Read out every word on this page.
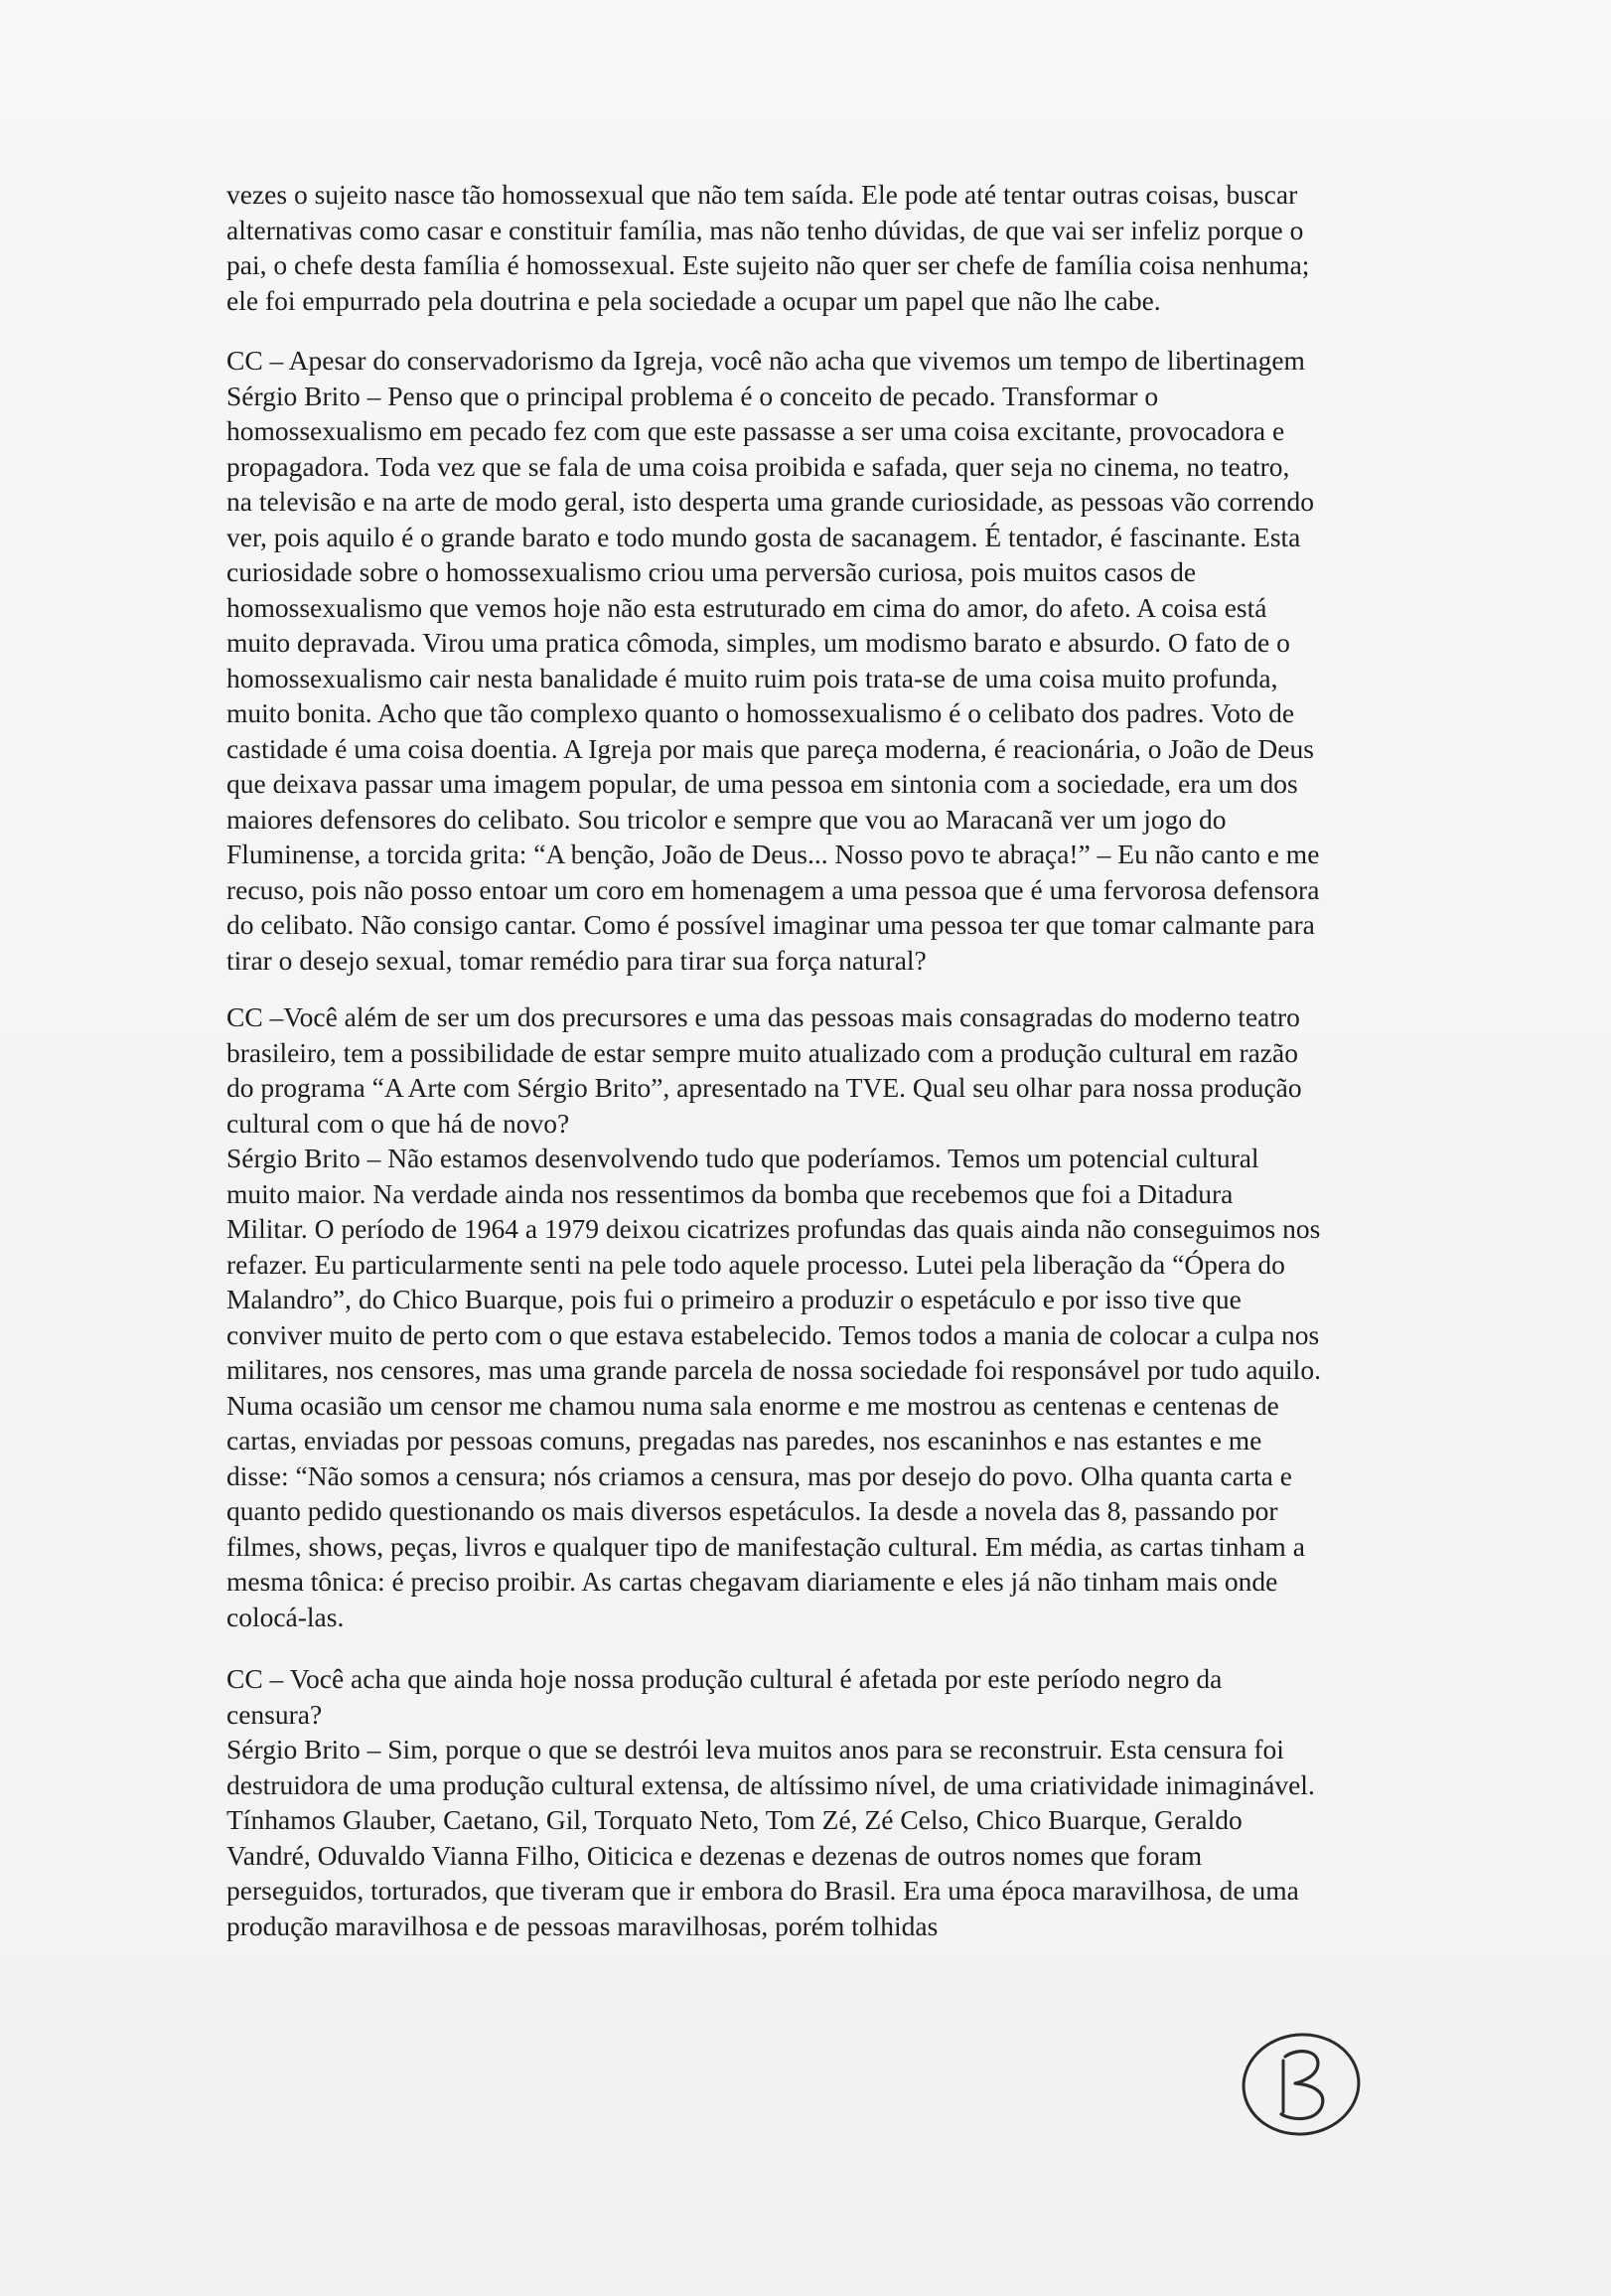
vezes o sujeito nasce tão homossexual que não tem saída. Ele pode até tentar outras coisas, buscar
alternativas como casar e constituir família, mas não tenho dúvidas, de que vai ser infeliz porque o
pai, o chefe desta família é homossexual. Este sujeito não quer ser chefe de família coisa nenhuma;
ele foi empurrado pela doutrina e pela sociedade a ocupar um papel que não lhe cabe.
CC – Apesar do conservadorismo da Igreja, você não acha que vivemos um tempo de libertinagem
Sérgio Brito – Penso que o principal problema é o conceito de pecado. Transformar o
homossexualismo em pecado fez com que este passasse a ser uma coisa excitante, provocadora e
propagadora. Toda vez que se fala de uma coisa proibida e safada, quer seja no cinema, no teatro,
na televisão e na arte de modo geral, isto desperta uma grande curiosidade, as pessoas vão correndo
ver, pois aquilo é o grande barato e todo mundo gosta de sacanagem. É tentador, é fascinante. Esta
curiosidade sobre o homossexualismo criou uma perversão curiosa, pois muitos casos de
homossexualismo que vemos hoje não esta estruturado em cima do amor, do afeto. A coisa está
muito depravada. Virou uma pratica cômoda, simples, um modismo barato e absurdo. O fato de o
homossexualismo cair nesta banalidade é muito ruim pois trata-se de uma coisa muito profunda,
muito bonita. Acho que tão complexo quanto o homossexualismo é o celibato dos padres. Voto de
castidade é uma coisa doentia. A Igreja por mais que pareça moderna, é reacionária, o João de Deus
que deixava passar uma imagem popular, de uma pessoa em sintonia com a sociedade, era um dos
maiores defensores do celibato. Sou tricolor e sempre que vou ao Maracanã ver um jogo do
Fluminense, a torcida grita: “A benção, João de Deus... Nosso povo te abraça!” – Eu não canto e me
recuso, pois não posso entoar um coro em homenagem a uma pessoa que é uma fervorosa defensora
do celibato. Não consigo cantar. Como é possível imaginar uma pessoa ter que tomar calmante para
tirar o desejo sexual, tomar remédio para tirar sua força natural?
CC –Você além de ser um dos precursores e uma das pessoas mais consagradas do moderno teatro
brasileiro, tem a possibilidade de estar sempre muito atualizado com a produção cultural em razão
do programa “A Arte com Sérgio Brito”, apresentado na TVE. Qual seu olhar para nossa produção
cultural com o que há de novo?
Sérgio Brito – Não estamos desenvolvendo tudo que poderíamos. Temos um potencial cultural
muito maior. Na verdade ainda nos ressentimos da bomba que recebemos que foi a Ditadura
Militar. O período de 1964 a 1979 deixou cicatrizes profundas das quais ainda não conseguimos nos
refazer. Eu particularmente senti na pele todo aquele processo. Lutei pela liberação da “Ópera do
Malandro”, do Chico Buarque, pois fui o primeiro a produzir o espetáculo e por isso tive que
conviver muito de perto com o que estava estabelecido. Temos todos a mania de colocar a culpa nos
militares, nos censores, mas uma grande parcela de nossa sociedade foi responsável por tudo aquilo.
Numa ocasião um censor me chamou numa sala enorme e me mostrou as centenas e centenas de
cartas, enviadas por pessoas comuns, pregadas nas paredes, nos escaninhos e nas estantes e me
disse: “Não somos a censura; nós criamos a censura, mas por desejo do povo. Olha quanta carta e
quanto pedido questionando os mais diversos espetáculos. Ia desde a novela das 8, passando por
filmes, shows, peças, livros e qualquer tipo de manifestação cultural. Em média, as cartas tinham a
mesma tônica: é preciso proibir. As cartas chegavam diariamente e eles já não tinham mais onde
colocá-las.
CC – Você acha que ainda hoje nossa produção cultural é afetada por este período negro da
censura?
Sérgio Brito – Sim, porque o que se destrói leva muitos anos para se reconstruir. Esta censura foi
destruidora de uma produção cultural extensa, de altíssimo nível, de uma criatividade inimaginável.
Tínhamos Glauber, Caetano, Gil, Torquato Neto, Tom Zé, Zé Celso, Chico Buarque, Geraldo
Vandré, Oduvaldo Vianna Filho, Oiticica e dezenas e dezenas de outros nomes que foram
perseguidos, torturados, que tiveram que ir embora do Brasil. Era uma época maravilhosa, de uma
produção maravilhosa e de pessoas maravilhosas, porém tolhidas
